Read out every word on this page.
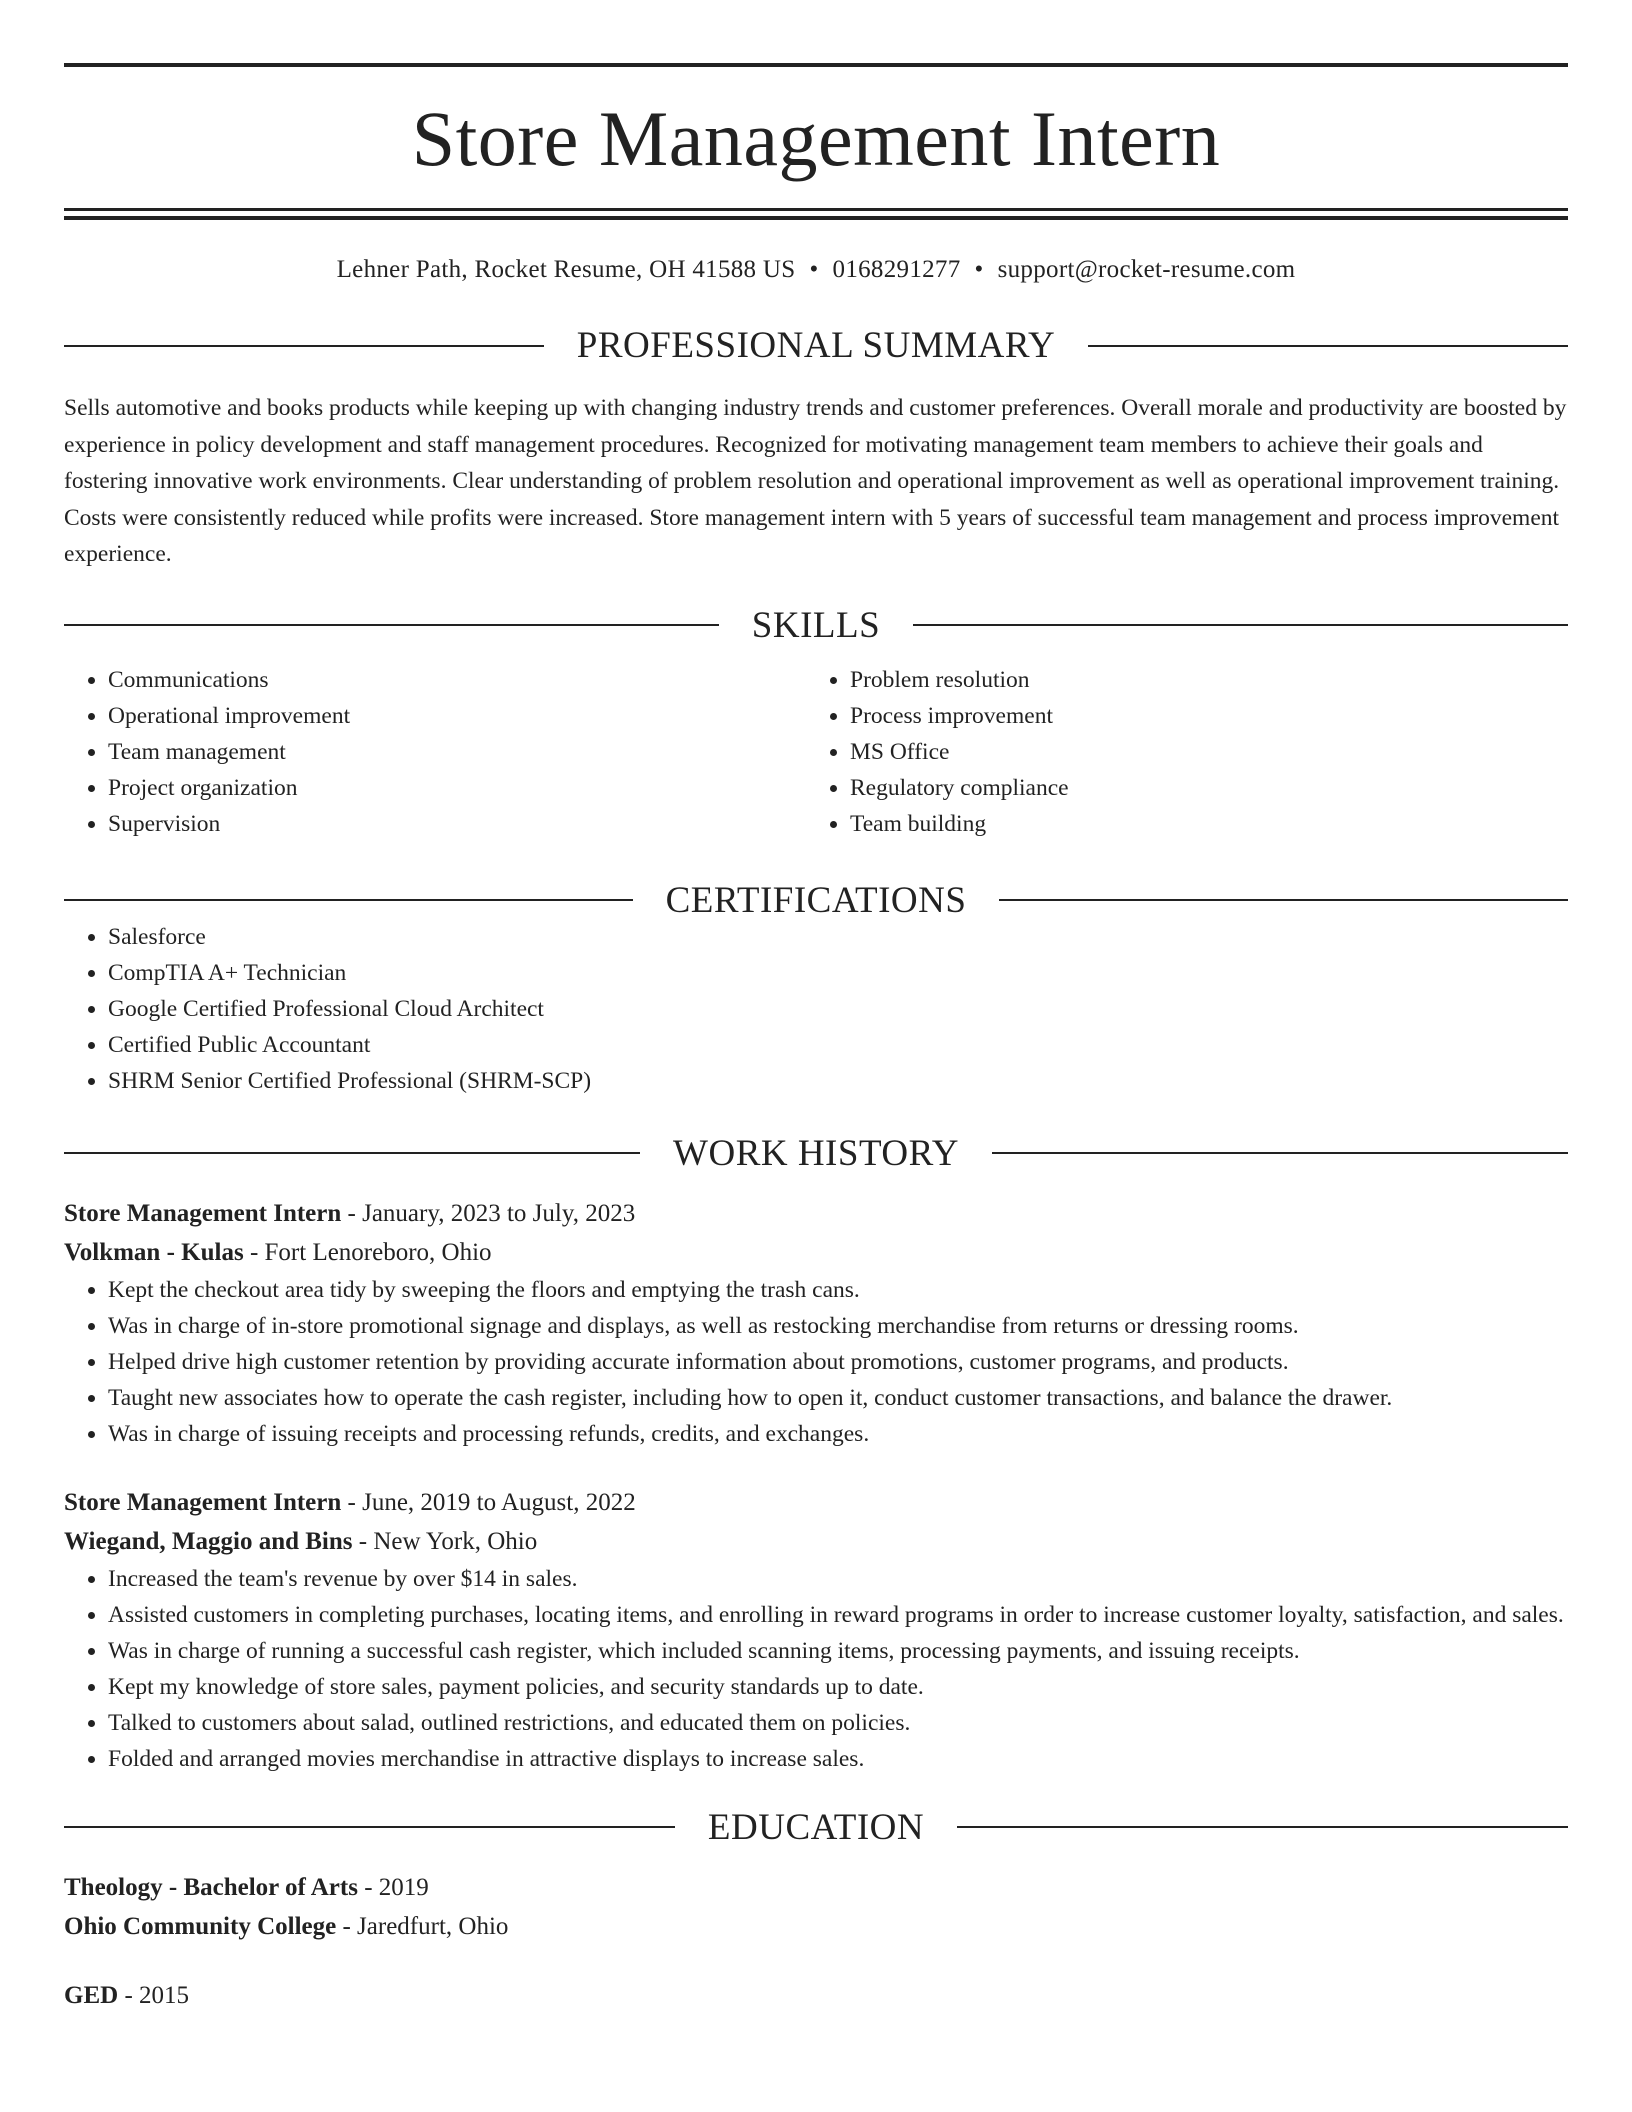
Store Management Intern
Lehner Path, Rocket Resume, OH 41588 US • 0168291277 • support@rocket-resume.com
PROFESSIONAL SUMMARY

Sells automotive and books products while keeping up with changing industry trends and customer preferences. Overall morale and productivity are boosted by experience in policy development and staff management procedures. Recognized for motivating management team members to achieve their goals and fostering innovative work environments. Clear understanding of problem resolution and operational improvement as well as operational improvement training. Costs were consistently reduced while profits were increased. Store management intern with 5 years of successful team management and process improvement experience.

SKILLS
• Communications
• Operational improvement
• Team management
• Project organization
• Supervision
• Problem resolution
• Process improvement
• MS Office
• Regulatory compliance
• Team building
CERTIFICATIONS
• Salesforce
• CompTIA A+ Technician
• Google Certified Professional Cloud Architect
• Certified Public Accountant
• SHRM Senior Certified Professional (SHRM-SCP)
WORK HISTORY
Store Management Intern - January, 2023 to July, 2023
Volkman - Kulas - Fort Lenoreboro, Ohio
• Kept the checkout area tidy by sweeping the floors and emptying the trash cans.
• Was in charge of in-store promotional signage and displays, as well as restocking merchandise from returns or dressing rooms.
• Helped drive high customer retention by providing accurate information about promotions, customer programs, and products.
• Taught new associates how to operate the cash register, including how to open it, conduct customer transactions, and balance the drawer.
• Was in charge of issuing receipts and processing refunds, credits, and exchanges.
Store Management Intern - June, 2019 to August, 2022
Wiegand, Maggio and Bins - New York, Ohio
• Increased the team's revenue by over $14 in sales.
• Assisted customers in completing purchases, locating items, and enrolling in reward programs in order to increase customer loyalty, satisfaction, and sales.
• Was in charge of running a successful cash register, which included scanning items, processing payments, and issuing receipts.
• Kept my knowledge of store sales, payment policies, and security standards up to date.
• Talked to customers about salad, outlined restrictions, and educated them on policies.
• Folded and arranged movies merchandise in attractive displays to increase sales.
EDUCATION
Theology - Bachelor of Arts - 2019
Ohio Community College - Jaredfurt, Ohio
GED - 2015
